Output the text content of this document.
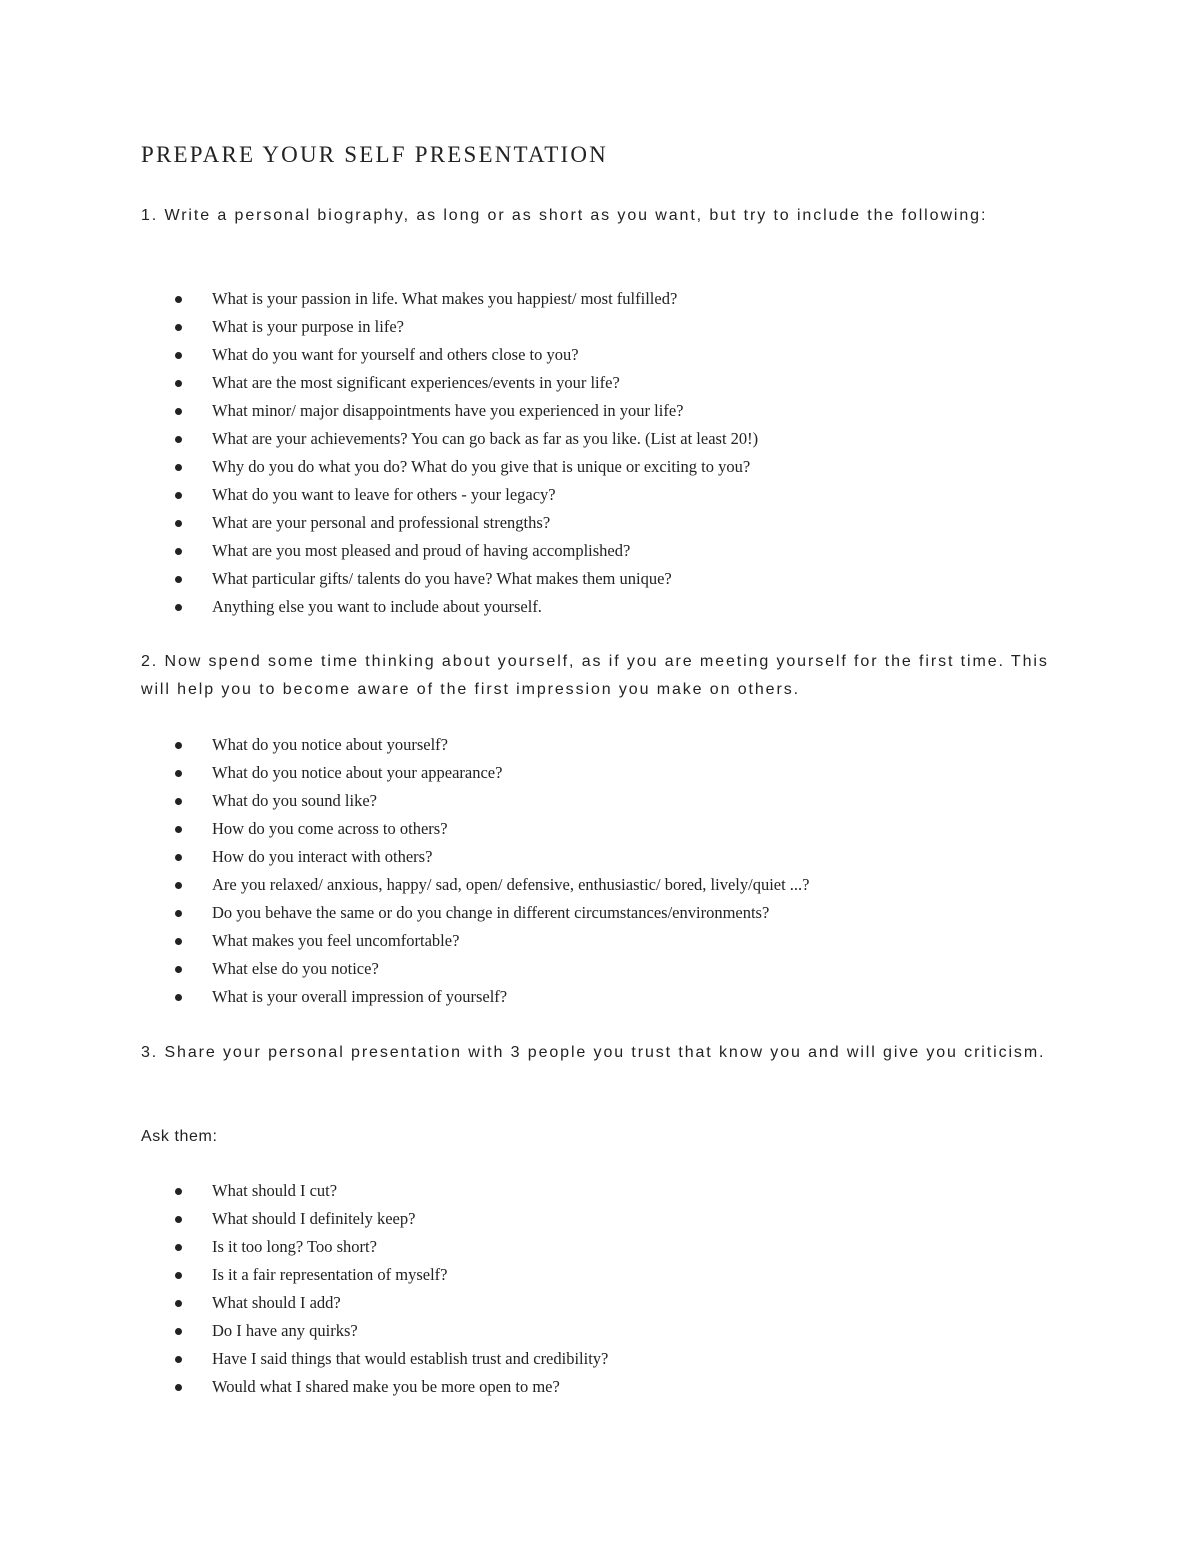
PREPARE YOUR SELF PRESENTATION

1. Write a personal biography, as long or as short as you want, but try to include the following:

What is your passion in life. What makes you happiest/ most fulfilled?
What is your purpose in life?
What do you want for yourself and others close to you?
What are the most significant experiences/events in your life?
What minor/ major disappointments have you experienced in your life?
What are your achievements? You can go back as far as you like. (List at least 20!)
Why do you do what you do? What do you give that is unique or exciting to you?
What do you want to leave for others - your legacy?
What are your personal and professional strengths?
What are you most pleased and proud of having accomplished?
What particular gifts/ talents do you have? What makes them unique?
Anything else you want to include about yourself.

2. Now spend some time thinking about yourself, as if you are meeting yourself for the first time. This will help you to become aware of the first impression you make on others.

What do you notice about yourself?
What do you notice about your appearance?
What do you sound like?
How do you come across to others?
How do you interact with others?
Are you relaxed/ anxious, happy/ sad, open/ defensive, enthusiastic/ bored, lively/quiet ...?
Do you behave the same or do you change in different circumstances/environments?
What makes you feel uncomfortable?
What else do you notice?
What is your overall impression of yourself?

3. Share your personal presentation with 3 people you trust that know you and will give you criticism.

Ask them:

What should I cut?
What should I definitely keep?
Is it too long? Too short?
Is it a fair representation of myself?
What should I add?
Do I have any quirks?
Have I said things that would establish trust and credibility?
Would what I shared make you be more open to me?
